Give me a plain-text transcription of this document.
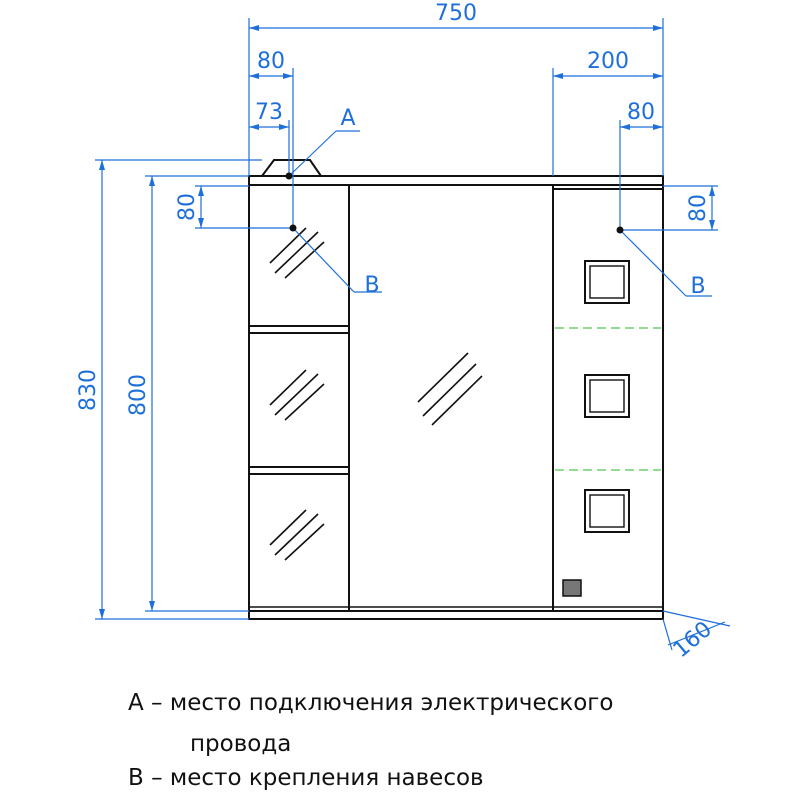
750
80
73
200
80
80	80
830 800
160
A
B	B
A – место подключения электрического
провода
B – место крепления навесов
